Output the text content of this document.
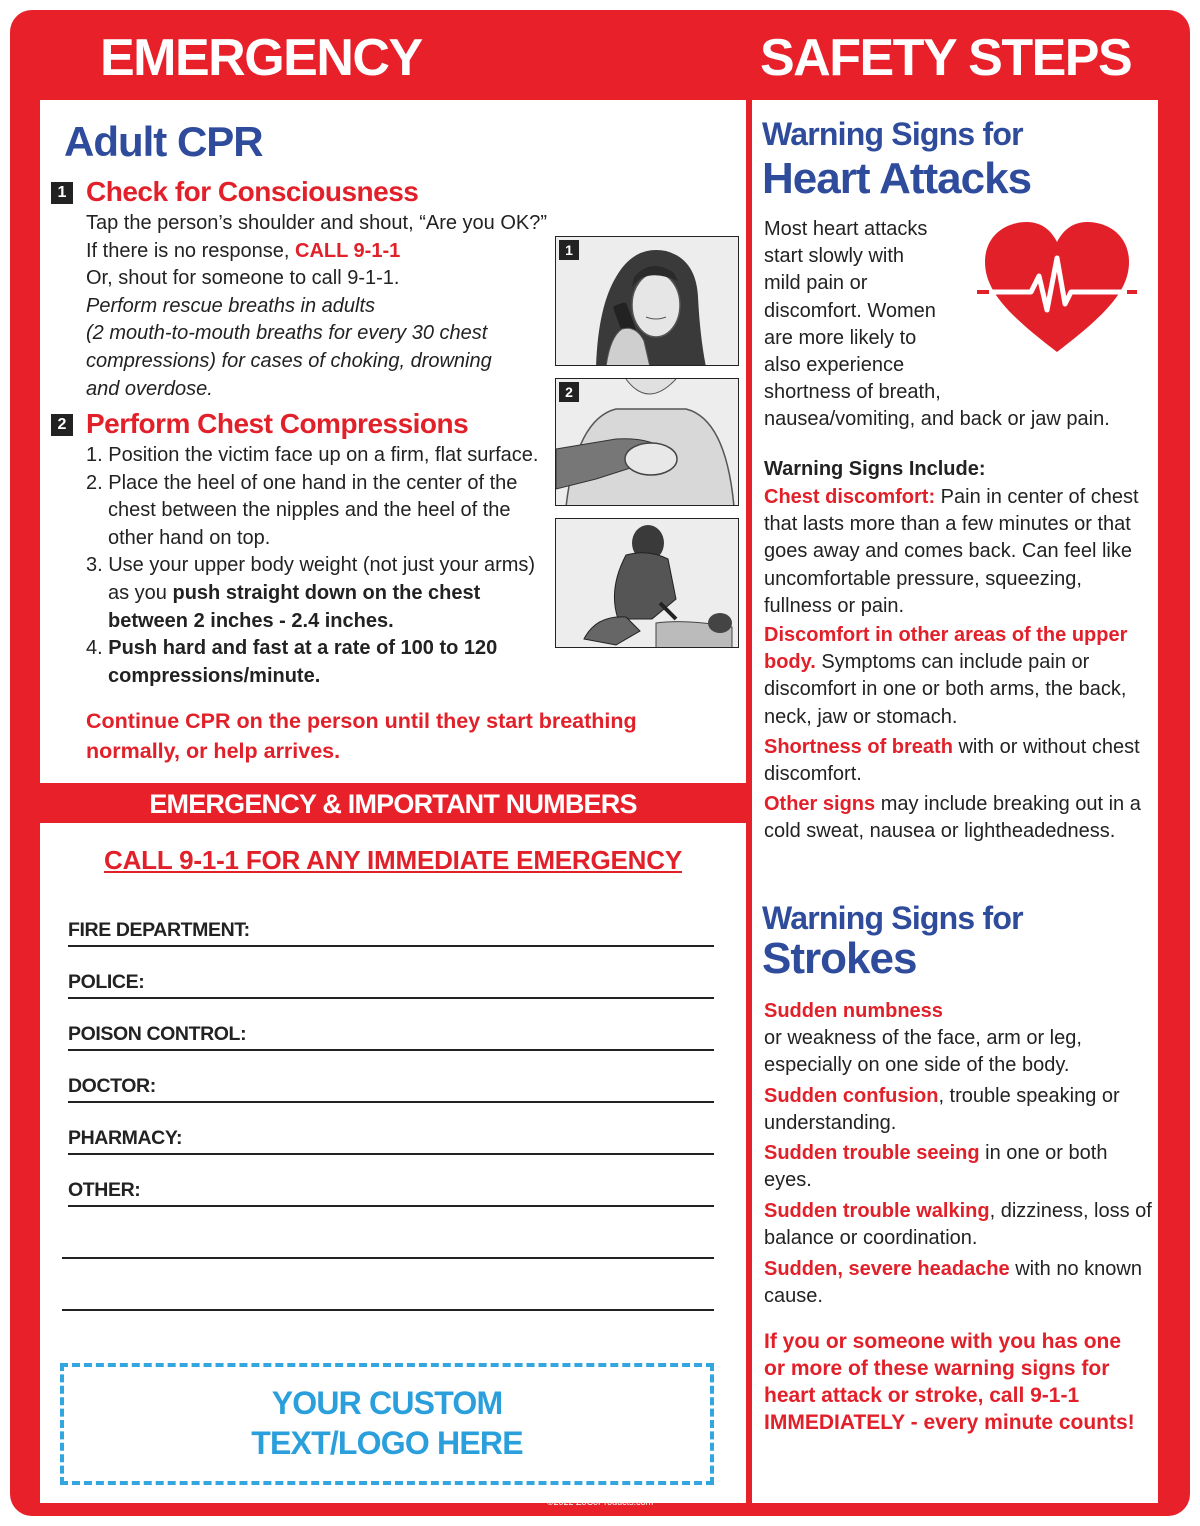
EMERGENCY	SAFETY STEPS
Adult CPR
1 Check for Consciousness
Tap the person’s shoulder and shout, “Are you OK?”
If there is no response, CALL 9-1-1
Or, shout for someone to call 9-1-1.
Perform rescue breaths in adults
(2 mouth-to-mouth breaths for every 30 chest
compressions) for cases of choking, drowning
and overdose.
2 Perform Chest Compressions
1. Position the victim face up on a firm, flat surface.
2. Place the heel of one hand in the center of the
chest between the nipples and the heel of the
other hand on top.
3. Use your upper body weight (not just your arms)
as you push straight down on the chest
between 2 inches - 2.4 inches.
4. Push hard and fast at a rate of 100 to 120
compressions/minute.
1
2
Continue CPR on the person until they start breathing
normally, or help arrives.
EMERGENCY & IMPORTANT NUMBERS
CALL 9-1-1 FOR ANY IMMEDIATE EMERGENCY
FIRE DEPARTMENT:
POLICE:
POISON CONTROL:
DOCTOR:
PHARMACY:
OTHER:
YOUR CUSTOM
TEXT/LOGO HERE
©2022 ZoCoProducts.com
Warning Signs for
Heart Attacks
Most heart attacks
start slowly with
mild pain or
discomfort. Women
are more likely to
also experience
shortness of breath,
nausea/vomiting, and back or jaw pain.
Warning Signs Include:
Chest discomfort: Pain in center of chest that lasts more than a few minutes or that goes away and comes back. Can feel like uncomfortable pressure, squeezing, fullness or pain.
Discomfort in other areas of the upper body. Symptoms can include pain or discomfort in one or both arms, the back, neck, jaw or stomach.
Shortness of breath with or without chest discomfort.
Other signs may include breaking out in a cold sweat, nausea or lightheadedness.
Warning Signs for
Strokes
Sudden numbness
or weakness of the face, arm or leg, especially on one side of the body.
Sudden confusion, trouble speaking or understanding.
Sudden trouble seeing in one or both eyes.
Sudden trouble walking, dizziness, loss of balance or coordination.
Sudden, severe headache with no known cause.
If you or someone with you has one or more of these warning signs for heart attack or stroke, call 9-1-1 IMMEDIATELY - every minute counts!
